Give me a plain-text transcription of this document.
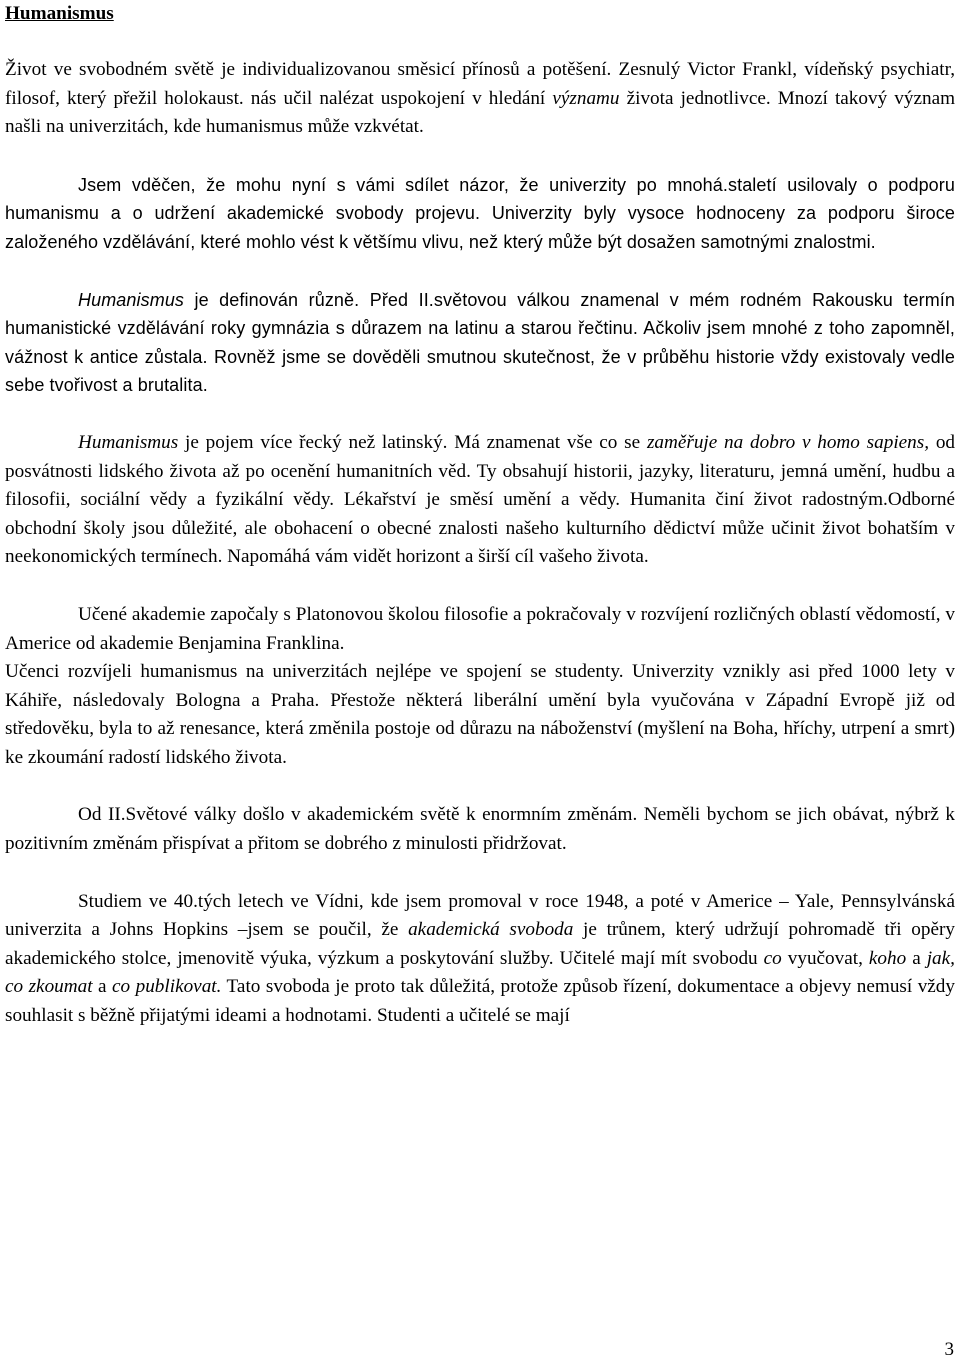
Humanismus

Život ve svobodném světě je individualizovanou směsicí přínosů a potěšení. Zesnulý Victor Frankl, vídeňský psychiatr, filosof, který přežil holokaust. nás učil nalézat uspokojení v hledání významu života jednotlivce. Mnozí takový význam našli na univerzitách, kde humanismus může vzkvétat.

Jsem vděčen, že mohu nyní s vámi sdílet názor, že univerzity po mnohá.staletí usilovaly o podporu humanismu a o udržení akademické svobody projevu. Univerzity byly vysoce hodnoceny za podporu široce založeného vzdělávání, které mohlo vést k většímu vlivu, než který může být dosažen samotnými znalostmi.

Humanismus je definován různě. Před II.světovou válkou znamenal v mém rodném Rakousku termín humanistické vzdělávání roky gymnázia s důrazem na latinu a starou řečtinu. Ačkoliv jsem mnohé z toho zapomněl, vážnost k antice zůstala. Rovněž jsme se dověděli smutnou skutečnost, že v průběhu historie vždy existovaly vedle sebe tvořivost a brutalita.

Humanismus je pojem více řecký než latinský. Má znamenat vše co se zaměřuje na dobro v homo sapiens, od posvátnosti lidského života až po ocenění humanitních věd. Ty obsahují historii, jazyky, literaturu, jemná umění, hudbu a filosofii, sociální vědy a fyzikální vědy. Lékařství je směsí umění a vědy. Humanita činí život radostným.Odborné obchodní školy jsou důležité, ale obohacení o obecné znalosti našeho kulturního dědictví může učinit život bohatším v neekonomických termínech. Napomáhá vám vidět horizont a širší cíl vašeho života.

Učené akademie započaly s Platonovou školou filosofie a pokračovaly v rozvíjení rozličných oblastí vědomostí, v Americe od akademie Benjamina Franklina.

Učenci rozvíjeli humanismus na univerzitách nejlépe ve spojení se studenty. Univerzity vznikly asi před 1000 lety v Káhiře, následovaly Bologna a Praha. Přestože některá liberální umění byla vyučována v Západní Evropě již od středověku, byla to až renesance, která změnila postoje od důrazu na náboženství (myšlení na Boha, hříchy, utrpení a smrt) ke zkoumání radostí lidského života.

Od II.Světové války došlo v akademickém světě k enormním změnám. Neměli bychom se jich obávat, nýbrž k pozitivním změnám přispívat a přitom se dobrého z minulosti přidržovat.

Studiem ve 40.tých letech ve Vídni, kde jsem promoval v roce 1948, a poté v Americe – Yale, Pennsylvánská univerzita a Johns Hopkins –jsem se poučil, že akademická svoboda je trůnem, který udržují pohromadě tři opěry akademického stolce, jmenovitě výuka, výzkum a poskytování služby. Učitelé mají mít svobodu co vyučovat, koho a jak, co zkoumat a co publikovat. Tato svoboda je proto tak důležitá, protože způsob řízení, dokumentace a objevy nemusí vždy souhlasit s běžně přijatými ideami a hodnotami. Studenti a učitelé se mají

3
